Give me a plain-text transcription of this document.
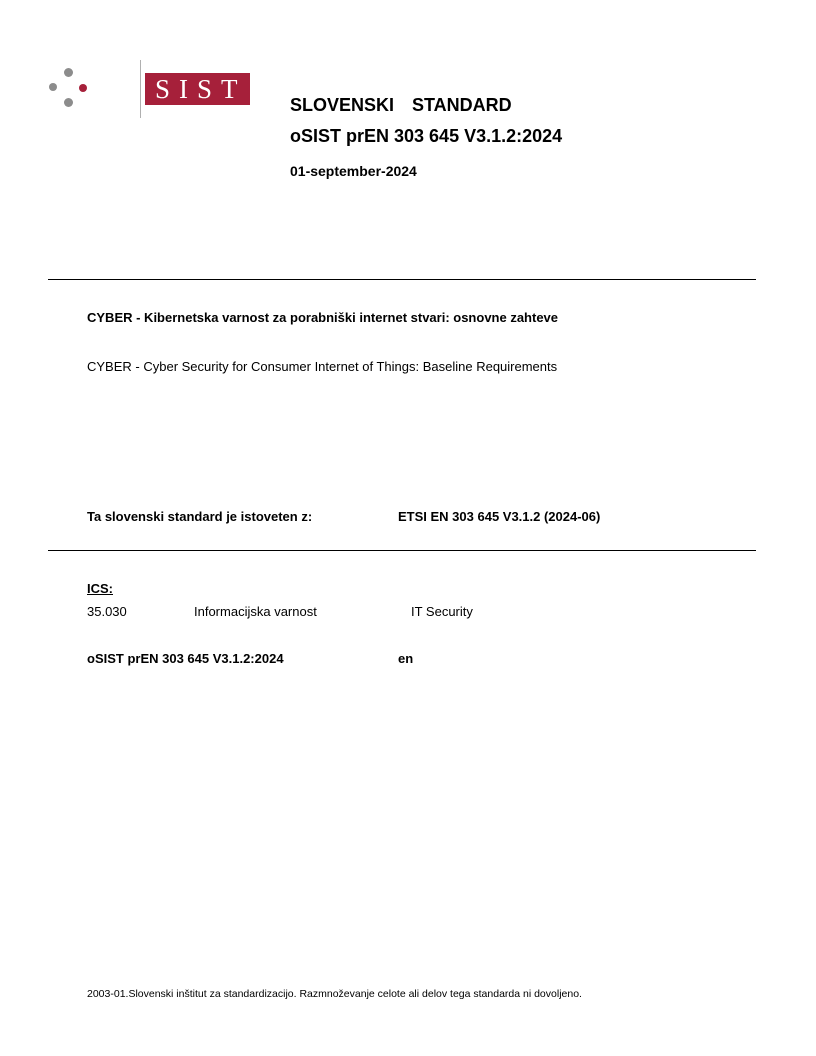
SIST
SLOVENSKI  STANDARD
oSIST prEN 303 645 V3.1.2:2024
01-september-2024
CYBER - Kibernetska varnost za porabniški internet stvari: osnovne zahteve
CYBER - Cyber Security for Consumer Internet of Things: Baseline Requirements
Ta slovenski standard je istoveten z:	ETSI EN 303 645 V3.1.2 (2024-06)
ICS:
35.030	Informacijska varnost	IT Security
oSIST prEN 303 645 V3.1.2:2024	en
2003-01.Slovenski inštitut za standardizacijo. Razmnoževanje celote ali delov tega standarda ni dovoljeno.
